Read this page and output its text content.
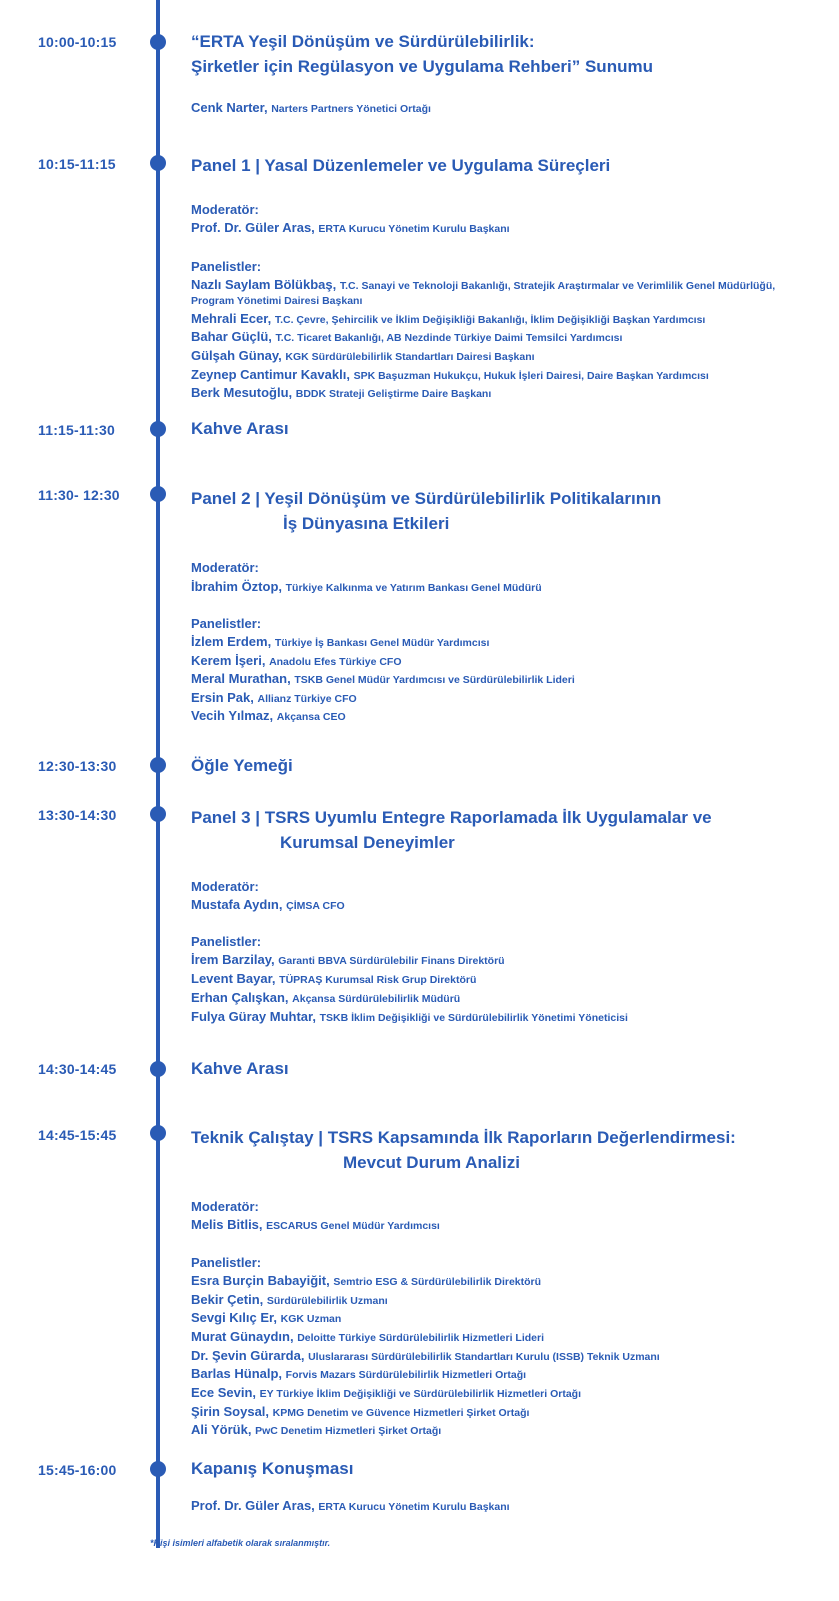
10:00-10:15	“ERTA Yeşil Dönüşüm ve Sürdürülebilirlik:
Şirketler için Regülasyon ve Uygulama Rehberi” Sunumu
Cenk Narter, Narters Partners Yönetici Ortağı
10:15-11:15	Panel 1 | Yasal Düzenlemeler ve Uygulama Süreçleri
Moderatör:
Prof. Dr. Güler Aras, ERTA Kurucu Yönetim Kurulu Başkanı
Panelistler:
Nazlı Saylam Bölükbaş, T.C. Sanayi ve Teknoloji Bakanlığı, Stratejik Araştırmalar ve Verimlilik Genel Müdürlüğü,
Program Yönetimi Dairesi Başkanı
Mehrali Ecer, T.C. Çevre, Şehircilik ve İklim Değişikliği Bakanlığı, İklim Değişikliği Başkan Yardımcısı
Bahar Güçlü, T.C. Ticaret Bakanlığı, AB Nezdinde Türkiye Daimi Temsilci Yardımcısı
Gülşah Günay, KGK Sürdürülebilirlik Standartları Dairesi Başkanı
Zeynep Cantimur Kavaklı, SPK Başuzman Hukukçu, Hukuk İşleri Dairesi, Daire Başkan Yardımcısı
Berk Mesutoğlu, BDDK Strateji Geliştirme Daire Başkanı
11:15-11:30	Kahve Arası
11:30- 12:30	Panel 2 | Yeşil Dönüşüm ve Sürdürülebilirlik Politikalarının
İş Dünyasına Etkileri
Moderatör:
İbrahim Öztop, Türkiye Kalkınma ve Yatırım Bankası Genel Müdürü
Panelistler:
İzlem Erdem, Türkiye İş Bankası Genel Müdür Yardımcısı
Kerem İşeri, Anadolu Efes Türkiye CFO
Meral Murathan, TSKB Genel Müdür Yardımcısı ve Sürdürülebilirlik Lideri
Ersin Pak, Allianz Türkiye CFO
Vecih Yılmaz, Akçansa CEO
12:30-13:30	Öğle Yemeği
13:30-14:30	Panel 3 | TSRS Uyumlu Entegre Raporlamada İlk Uygulamalar ve
Kurumsal Deneyimler
Moderatör:
Mustafa Aydın, ÇİMSA CFO
Panelistler:
İrem Barzilay, Garanti BBVA Sürdürülebilir Finans Direktörü
Levent Bayar, TÜPRAŞ Kurumsal Risk Grup Direktörü
Erhan Çalışkan, Akçansa Sürdürülebilirlik Müdürü
Fulya Güray Muhtar, TSKB İklim Değişikliği ve Sürdürülebilirlik Yönetimi Yöneticisi
14:30-14:45	Kahve Arası
14:45-15:45	Teknik Çalıştay | TSRS Kapsamında İlk Raporların Değerlendirmesi:
Mevcut Durum Analizi
Moderatör:
Melis Bitlis, ESCARUS Genel Müdür Yardımcısı
Panelistler:
Esra Burçin Babayiğit, Semtrio ESG & Sürdürülebilirlik Direktörü
Bekir Çetin, Sürdürülebilirlik Uzmanı
Sevgi Kılıç Er, KGK Uzman
Murat Günaydın, Deloitte Türkiye Sürdürülebilirlik Hizmetleri Lideri
Dr. Şevin Gürarda, Uluslararası Sürdürülebilirlik Standartları Kurulu (ISSB) Teknik Uzmanı
Barlas Hünalp, Forvis Mazars Sürdürülebilirlik Hizmetleri Ortağı
Ece Sevin, EY Türkiye İklim Değişikliği ve Sürdürülebilirlik Hizmetleri Ortağı
Şirin Soysal, KPMG Denetim ve Güvence Hizmetleri Şirket Ortağı
Ali Yörük, PwC Denetim Hizmetleri Şirket Ortağı
15:45-16:00	Kapanış Konuşması
Prof. Dr. Güler Aras, ERTA Kurucu Yönetim Kurulu Başkanı
*Kişi isimleri alfabetik olarak sıralanmıştır.
